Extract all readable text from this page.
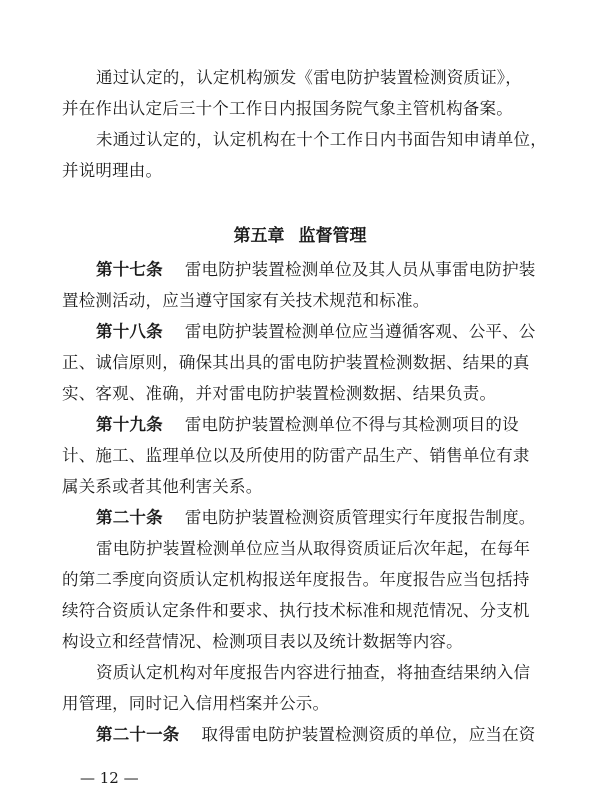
通过认定的，认定机构颁发《雷电防护装置检测资质证》，
并在作出认定后三十个工作日内报国务院气象主管机构备案。
未通过认定的，认定机构在十个工作日内书面告知申请单位，
并说明理由。
第五章 监督管理
第十七条 雷电防护装置检测单位及其人员从事雷电防护装
置检测活动，应当遵守国家有关技术规范和标准。
第十八条 雷电防护装置检测单位应当遵循客观、公平、公
正、诚信原则，确保其出具的雷电防护装置检测数据、结果的真
实、客观、准确，并对雷电防护装置检测数据、结果负责。
第十九条 雷电防护装置检测单位不得与其检测项目的设
计、施工、监理单位以及所使用的防雷产品生产、销售单位有隶
属关系或者其他利害关系。
第二十条 雷电防护装置检测资质管理实行年度报告制度。
雷电防护装置检测单位应当从取得资质证后次年起，在每年
的第二季度向资质认定机构报送年度报告。年度报告应当包括持
续符合资质认定条件和要求、执行技术标准和规范情况、分支机
构设立和经营情况、检测项目表以及统计数据等内容。
资质认定机构对年度报告内容进行抽查，将抽查结果纳入信
用管理，同时记入信用档案并公示。
第二十一条 取得雷电防护装置检测资质的单位，应当在资
— 12 —
